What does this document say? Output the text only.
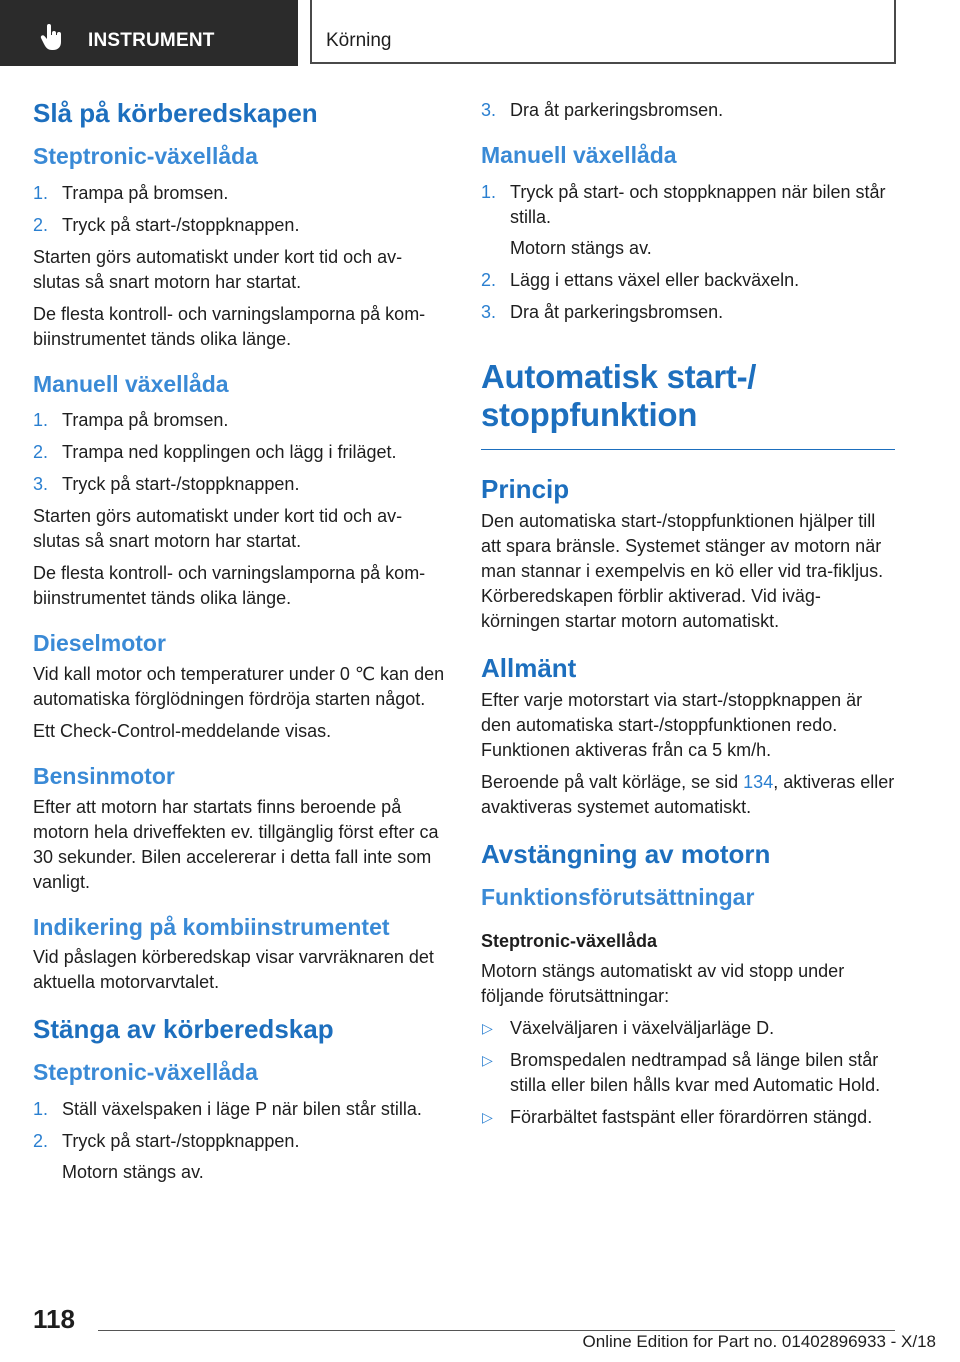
INSTRUMENT	Körning
Slå på körberedskapen
Steptronic-växellåda
1. Trampa på bromsen.
2. Tryck på start-/stoppknappen.

Starten görs automatiskt under kort tid och av-slutas så snart motorn har startat.

De flesta kontroll- och varningslamporna på kom-biinstrumentet tänds olika länge.

Manuell växellåda
1. Trampa på bromsen.
2. Trampa ned kopplingen och lägg i friläget.
3. Tryck på start-/stoppknappen.

Starten görs automatiskt under kort tid och av-slutas så snart motorn har startat.

De flesta kontroll- och varningslamporna på kom-biinstrumentet tänds olika länge.

Dieselmotor

Vid kall motor och temperaturer under 0 ℃ kan den automatiska förglödningen fördröja starten något.

Ett Check-Control-meddelande visas.

Bensinmotor

Efter att motorn har startats finns beroende på motorn hela driveffekten ev. tillgänglig först efter ca 30 sekunder. Bilen accelererar i detta fall inte som vanligt.

Indikering på kombiinstrumentet

Vid påslagen körberedskap visar varvräknaren det aktuella motorvarvtalet.

Stänga av körberedskap
Steptronic-växellåda
1. Ställ växelspaken i läge P när bilen står stilla.
2. Tryck på start-/stoppknappen.
Motorn stängs av.
3. Dra åt parkeringsbromsen.
Manuell växellåda
1. Tryck på start- och stoppknappen när bilen står stilla.
Motorn stängs av.
2. Lägg i ettans växel eller backväxeln.
3. Dra åt parkeringsbromsen.
Automatisk start-/
stoppfunktion
Princip

Den automatiska start-/stoppfunktionen hjälper till att spara bränsle. Systemet stänger av motorn när man stannar i exempelvis en kö eller vid tra-fikljus. Körberedskapen förblir aktiverad. Vid iväg-körningen startar motorn automatiskt.

Allmänt

Efter varje motorstart via start-/stoppknappen är den automatiska start-/stoppfunktionen redo. Funktionen aktiveras från ca 5 km/h.

Beroende på valt körläge, se sid 134, aktiveras eller avaktiveras systemet automatiskt.

Avstängning av motorn
Funktionsförutsättningar
Steptronic-växellåda

Motorn stängs automatiskt av vid stopp under följande förutsättningar:

▷ Växelväljaren i växelväljarläge D.
▷ Bromspedalen nedtrampad så länge bilen står stilla eller bilen hålls kvar med Automatic Hold.
▷ Förarbältet fastspänt eller förardörren stängd.
118
Online Edition for Part no. 01402896933 - X/18
